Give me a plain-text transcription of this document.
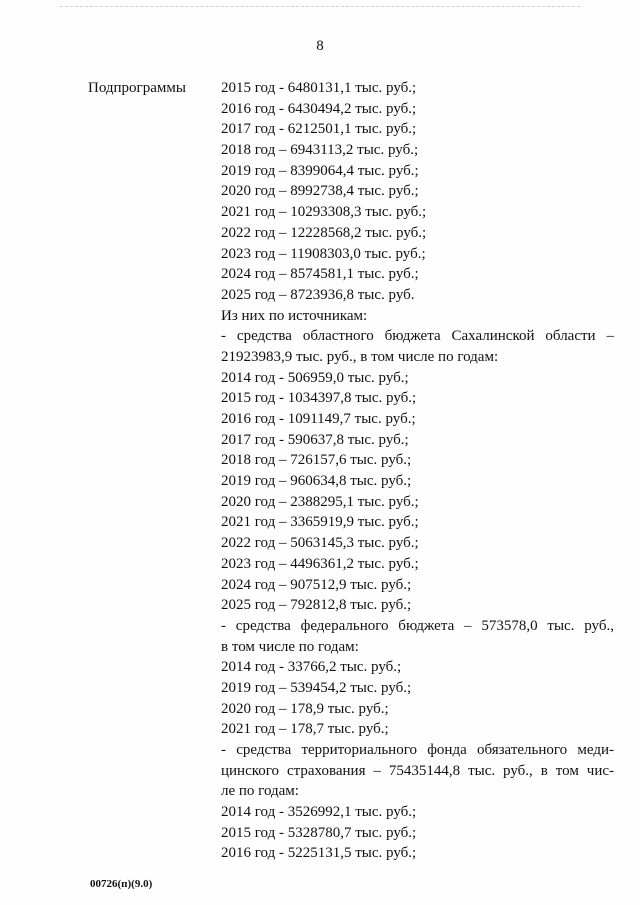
8
Подпрограммы 2015 год - 6480131,1 тыс. руб.;
2016 год - 6430494,2 тыс. руб.;
2017 год - 6212501,1 тыс. руб.;
2018 год – 6943113,2 тыс. руб.;
2019 год – 8399064,4 тыс. руб.;
2020 год – 8992738,4 тыс. руб.;
2021 год – 10293308,3 тыс. руб.;
2022 год – 12228568,2 тыс. руб.;
2023 год – 11908303,0 тыс. руб.;
2024 год – 8574581,1 тыс. руб.;
2025 год – 8723936,8 тыс. руб.
Из них по источникам:
- средства областного бюджета Сахалинской области –
21923983,9 тыс. руб., в том числе по годам:
2014 год - 506959,0 тыс. руб.;
2015 год - 1034397,8 тыс. руб.;
2016 год - 1091149,7 тыс. руб.;
2017 год - 590637,8 тыс. руб.;
2018 год – 726157,6 тыс. руб.;
2019 год – 960634,8 тыс. руб.;
2020 год – 2388295,1 тыс. руб.;
2021 год – 3365919,9 тыс. руб.;
2022 год – 5063145,3 тыс. руб.;
2023 год – 4496361,2 тыс. руб.;
2024 год – 907512,9 тыс. руб.;
2025 год – 792812,8 тыс. руб.;
- средства федерального бюджета – 573578,0 тыс. руб.,
в том числе по годам:
2014 год - 33766,2 тыс. руб.;
2019 год – 539454,2 тыс. руб.;
2020 год – 178,9 тыс. руб.;
2021 год – 178,7 тыс. руб.;
- средства территориального фонда обязательного меди-
цинского страхования – 75435144,8 тыс. руб., в том чис-
ле по годам:
2014 год - 3526992,1 тыс. руб.;
2015 год - 5328780,7 тыс. руб.;
2016 год - 5225131,5 тыс. руб.;
00726(п)(9.0)
